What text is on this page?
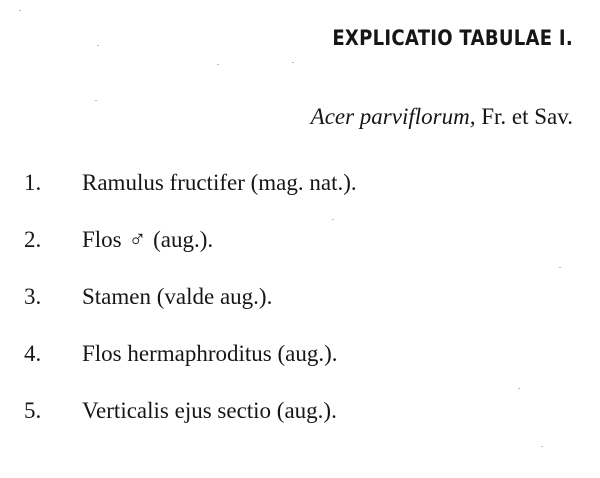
EXPLICATIO TABULAE I.
Acer parviflorum, Fr. et Sav.
1. Ramulus fructifer (mag. nat.).
2. Flos ♂ (aug.).
3. Stamen (valde aug.).
4. Flos hermaphroditus (aug.).
5. Verticalis ejus sectio (aug.).
